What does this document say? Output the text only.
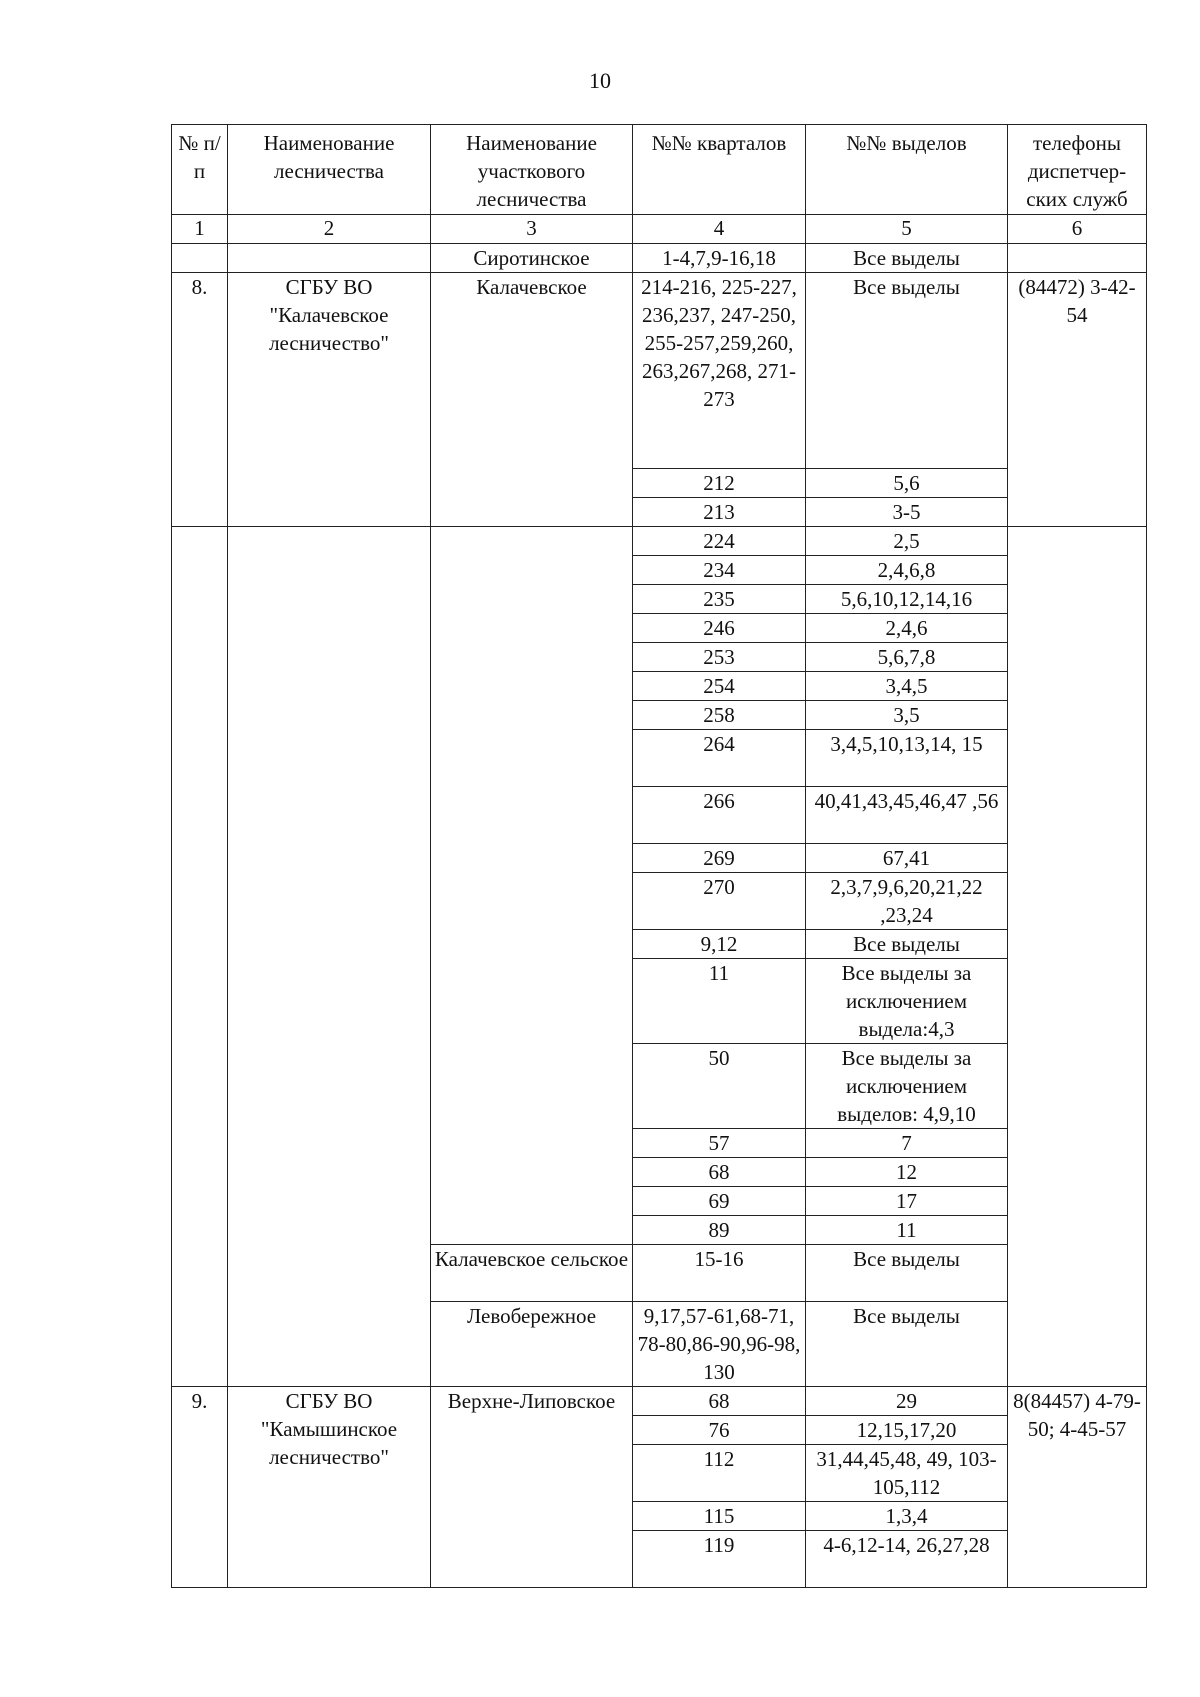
10
№ п/п	Наименование лесничества	Наименование участкового лесничества	№№ кварталов	№№ выделов	телефоны диспетчер-ских служб
1	2	3	4	5	6
		Сиротинское	1-4,7,9-16,18	Все выделы	
8.	СГБУ ВО "Калачевское лесничество"	Калачевское	214-216, 225-227, 236,237, 247-250, 255-257,259,260, 263,267,268, 271-273	Все выделы	(84472) 3-42-54
			212	5,6	
			213	3-5	
			224	2,5	
			234	2,4,6,8	
			235	5,6,10,12,14,16	
			246	2,4,6	
			253	5,6,7,8	
			254	3,4,5	
			258	3,5	
			264	3,4,5,10,13,14, 15	
			266	40,41,43,45,46,47 ,56	
			269	67,41	
			270	2,3,7,9,6,20,21,22 ,23,24	
			9,12	Все выделы	
			11	Все выделы за исключением выдела:4,3	
			50	Все выделы за исключением выделов: 4,9,10	
			57	7	
			68	12	
			69	17	
			89	11	
		Калачевское сельское	15-16	Все выделы	
		Левобережное	9,17,57-61,68-71, 78-80,86-90,96-98, 130	Все выделы	
9.	СГБУ ВО "Камышинское лесничество"	Верхне-Липовское	68	29	8(84457) 4-79-50; 4-45-57
			76	12,15,17,20	
			112	31,44,45,48, 49, 103-105,112	
			115	1,3,4	
			119	4-6,12-14, 26,27,28	
